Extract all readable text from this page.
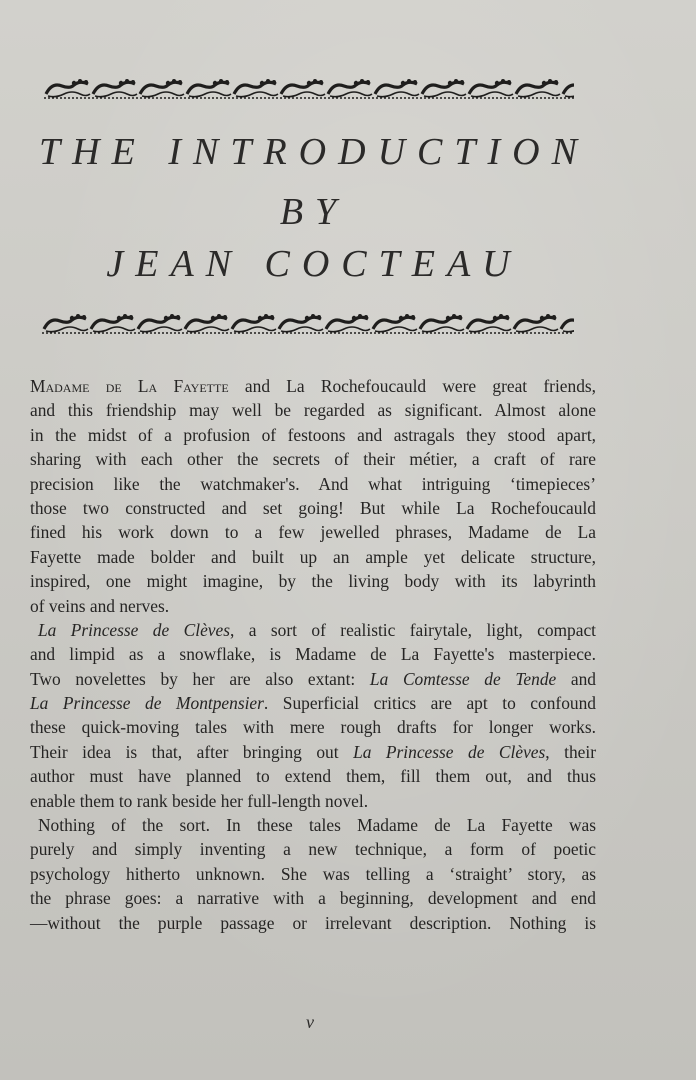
THE INTRODUCTION
BY
JEAN COCTEAU
Madame de La Fayette and La Rochefoucauld were great friends,
and this friendship may well be regarded as significant. Almost alone
in the midst of a profusion of festoons and astragals they stood apart,
sharing with each other the secrets of their métier, a craft of rare
precision like the watchmaker's. And what intriguing ‘timepieces’
those two constructed and set going! But while La Rochefoucauld
fined his work down to a few jewelled phrases, Madame de La
Fayette made bolder and built up an ample yet delicate structure,
inspired, one might imagine, by the living body with its labyrinth
of veins and nerves.
La Princesse de Clèves, a sort of realistic fairytale, light, compact
and limpid as a snowflake, is Madame de La Fayette's masterpiece.
Two novelettes by her are also extant: La Comtesse de Tende and
La Princesse de Montpensier. Superficial critics are apt to confound
these quick-moving tales with mere rough drafts for longer works.
Their idea is that, after bringing out La Princesse de Clèves, their
author must have planned to extend them, fill them out, and thus
enable them to rank beside her full-length novel.
Nothing of the sort. In these tales Madame de La Fayette was
purely and simply inventing a new technique, a form of poetic
psychology hitherto unknown. She was telling a ‘straight’ story, as
the phrase goes: a narrative with a beginning, development and end
—without the purple passage or irrelevant description. Nothing is
v
